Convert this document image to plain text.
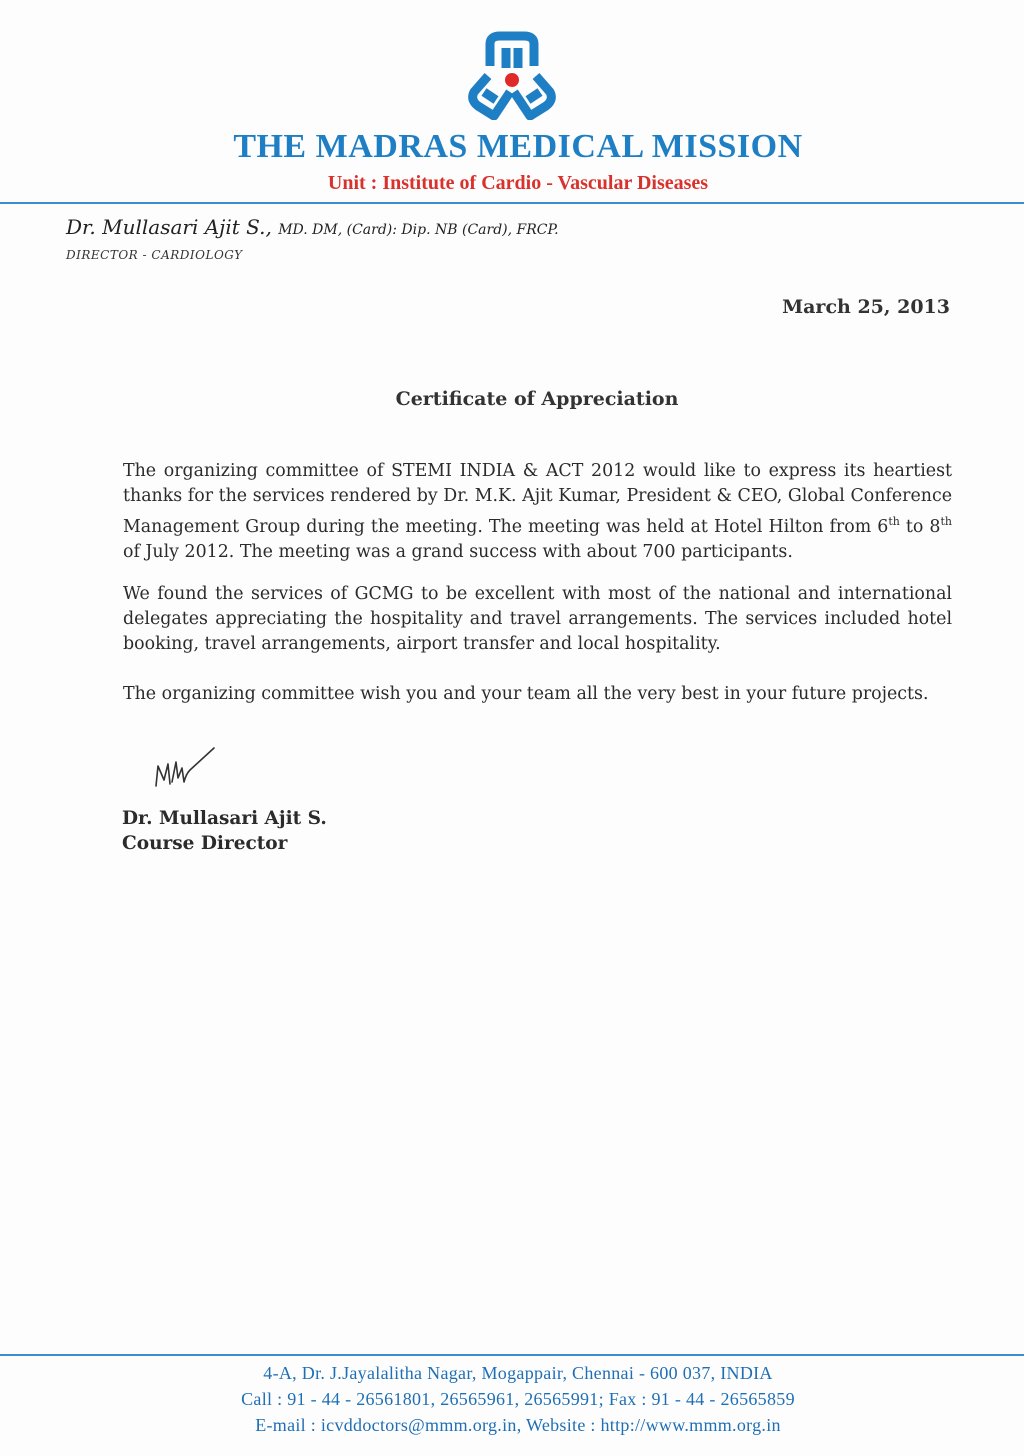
THE MADRAS MEDICAL MISSION
Unit : Institute of Cardio - Vascular Diseases
Dr. Mullasari Ajit S., MD. DM, (Card): Dip. NB (Card), FRCP.
DIRECTOR - CARDIOLOGY
March 25, 2013
Certificate of Appreciation

The organizing committee of STEMI INDIA & ACT 2012 would like to express its heartiest thanks for the services rendered by Dr. M.K. Ajit Kumar, President & CEO, Global Conference Management Group during the meeting. The meeting was held at Hotel Hilton from 6th to 8th of July 2012. The meeting was a grand success with about 700 participants.

We found the services of GCMG to be excellent with most of the national and international delegates appreciating the hospitality and travel arrangements. The services included hotel booking, travel arrangements, airport transfer and local hospitality.

The organizing committee wish you and your team all the very best in your future projects.

Dr. Mullasari Ajit S.
Course Director
4-A, Dr. J.Jayalalitha Nagar, Mogappair, Chennai - 600 037, INDIA
Call : 91 - 44 - 26561801, 26565961, 26565991; Fax : 91 - 44 - 26565859
E-mail : icvddoctors@mmm.org.in, Website : http://www.mmm.org.in
